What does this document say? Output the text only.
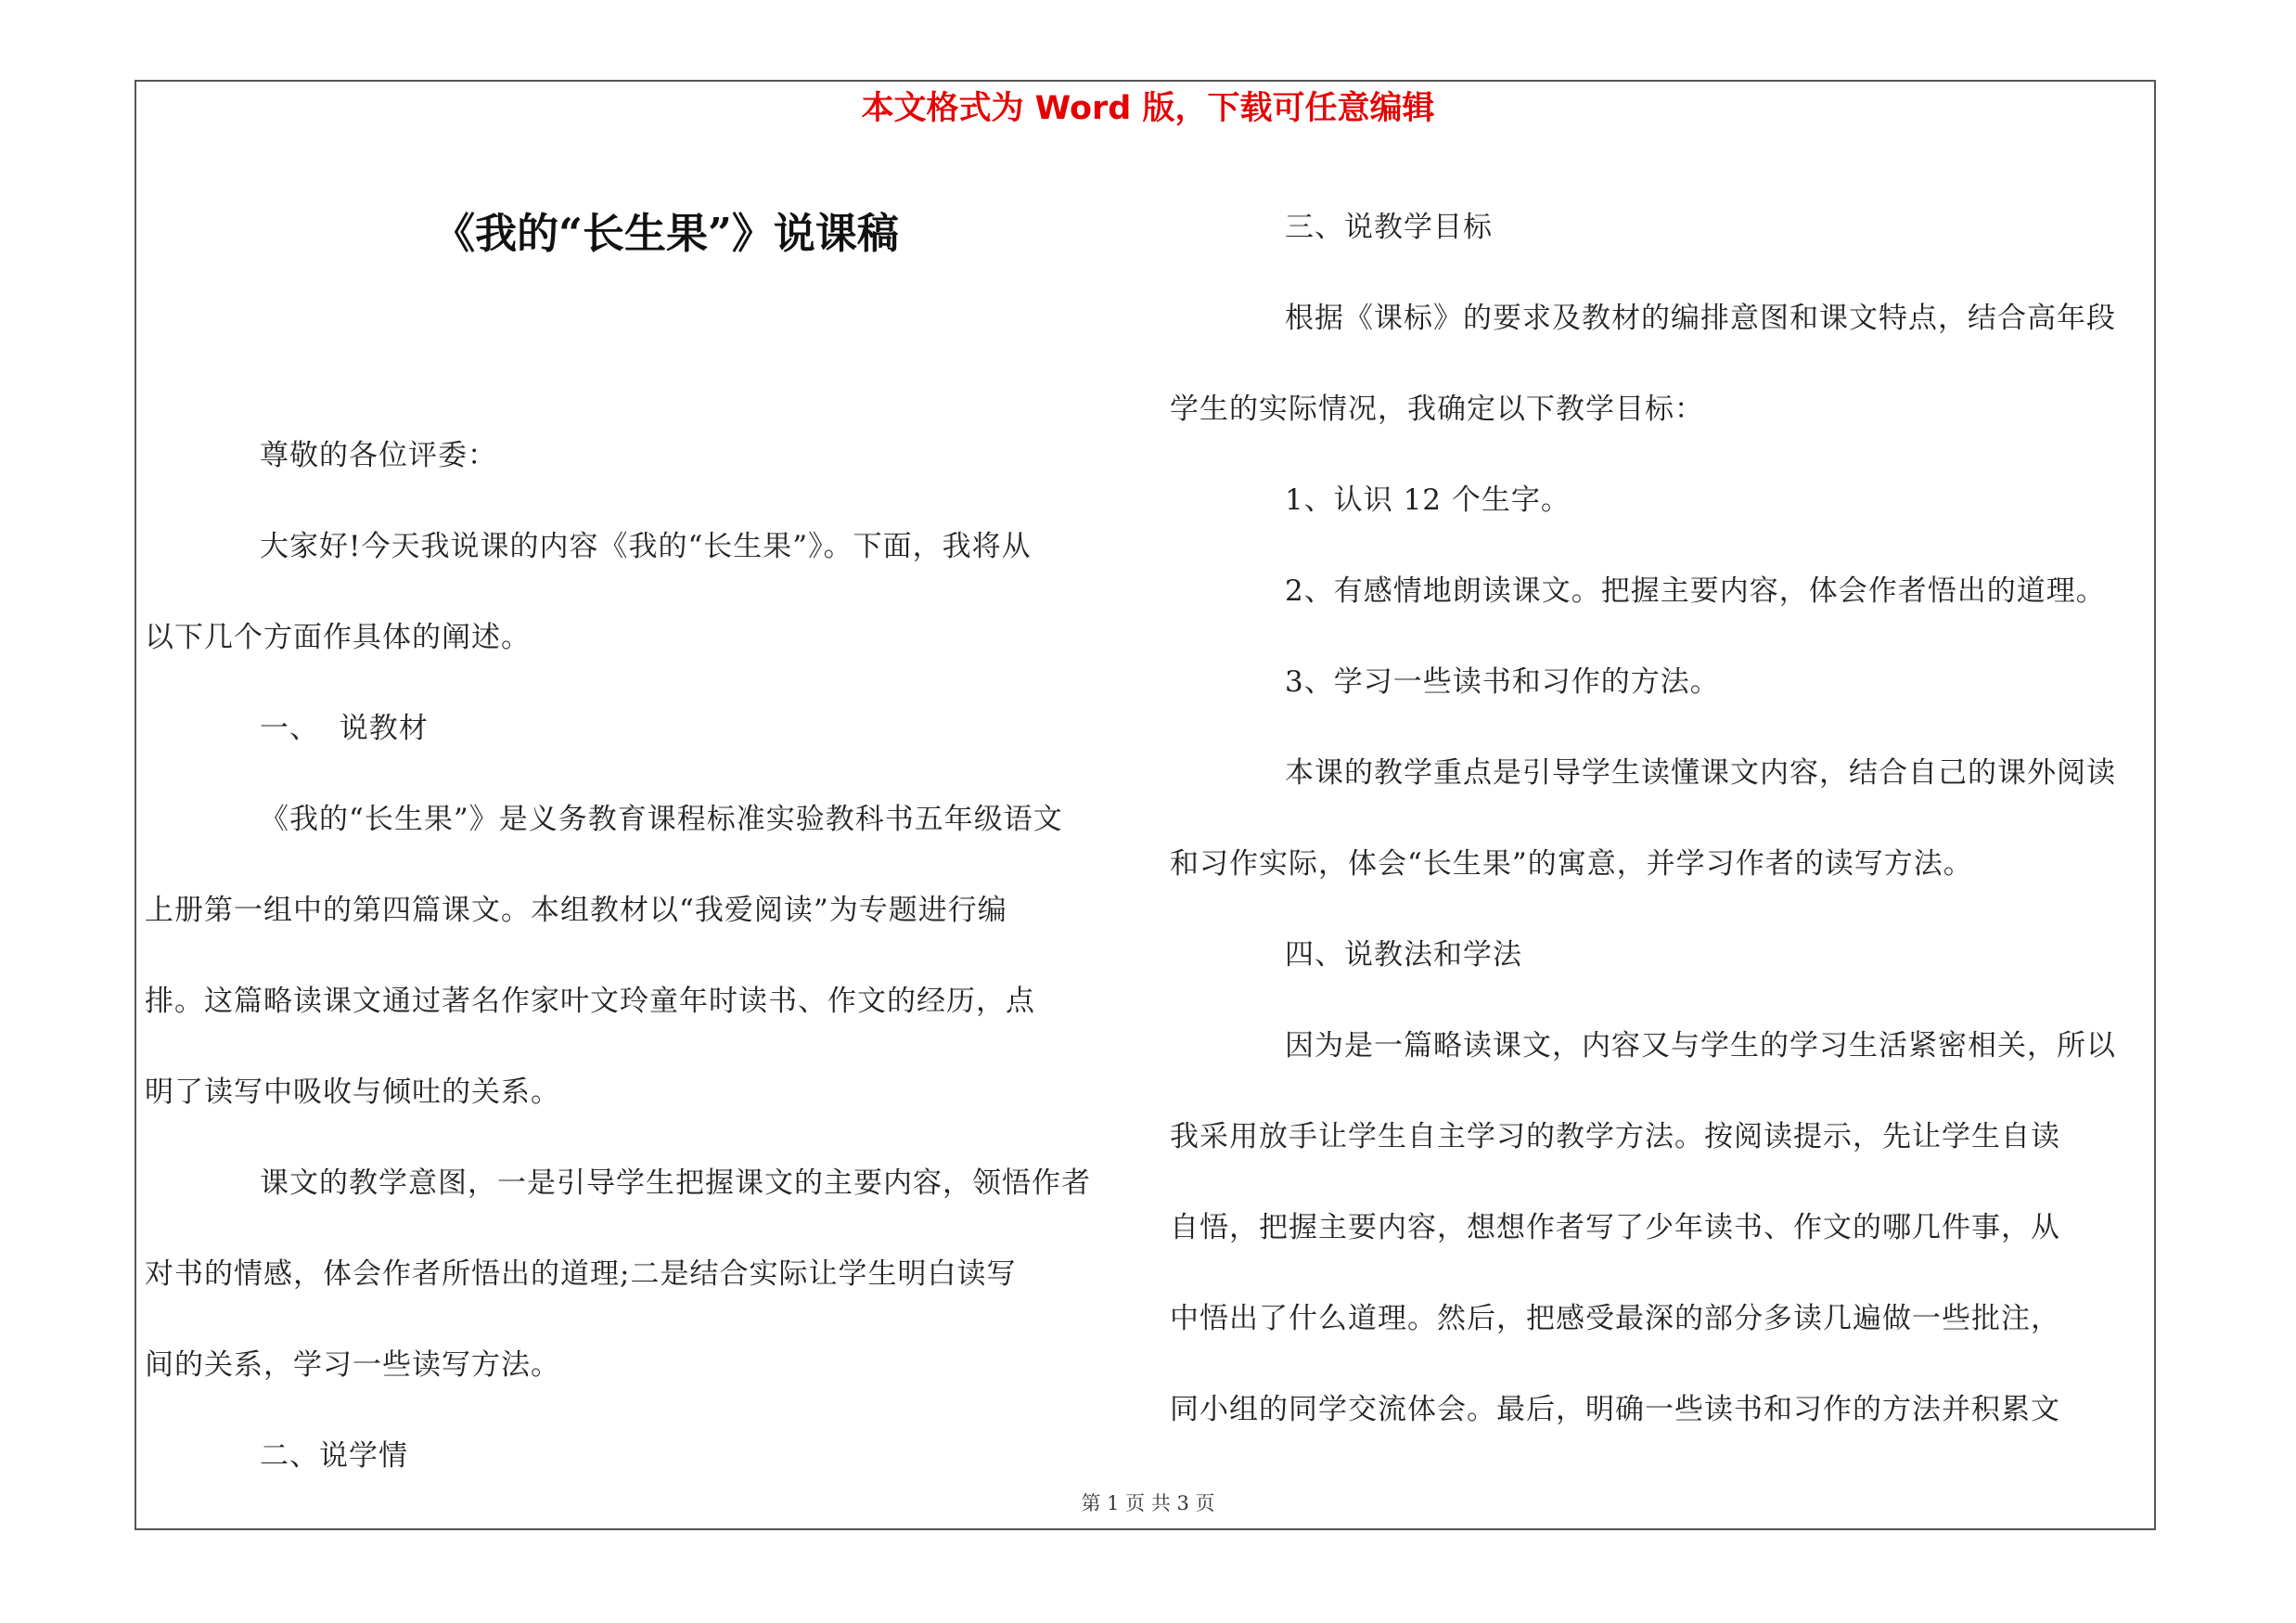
本文格式为 Word 版，下载可任意编辑
《我的“长生果”》说课稿

尊敬的各位评委：

大家好!今天我说课的内容《我的“长生果”》。下面，我将从
以下几个方面作具体的阐述。

一、  说教材

《我的“长生果”》是义务教育课程标准实验教科书五年级语文
上册第一组中的第四篇课文。本组教材以“我爱阅读”为专题进行编
排。这篇略读课文通过著名作家叶文玲童年时读书、作文的经历，点
明了读写中吸收与倾吐的关系。

课文的教学意图，一是引导学生把握课文的主要内容，领悟作者
对书的情感，体会作者所悟出的道理;二是结合实际让学生明白读写
间的关系，学习一些读写方法。

二、说学情

三、说教学目标

根据《课标》的要求及教材的编排意图和课文特点，结合高年段
学生的实际情况，我确定以下教学目标：

1、认识 12 个生字。

2、有感情地朗读课文。把握主要内容，体会作者悟出的道理。

3、学习一些读书和习作的方法。

本课的教学重点是引导学生读懂课文内容，结合自己的课外阅读
和习作实际，体会“长生果”的寓意，并学习作者的读写方法。

四、说教法和学法

因为是一篇略读课文，内容又与学生的学习生活紧密相关，所以
我采用放手让学生自主学习的教学方法。按阅读提示，先让学生自读
自悟，把握主要内容，想想作者写了少年读书、作文的哪几件事，从
中悟出了什么道理。然后，把感受最深的部分多读几遍做一些批注，
同小组的同学交流体会。最后，明确一些读书和习作的方法并积累文

第 1 页 共 3 页
